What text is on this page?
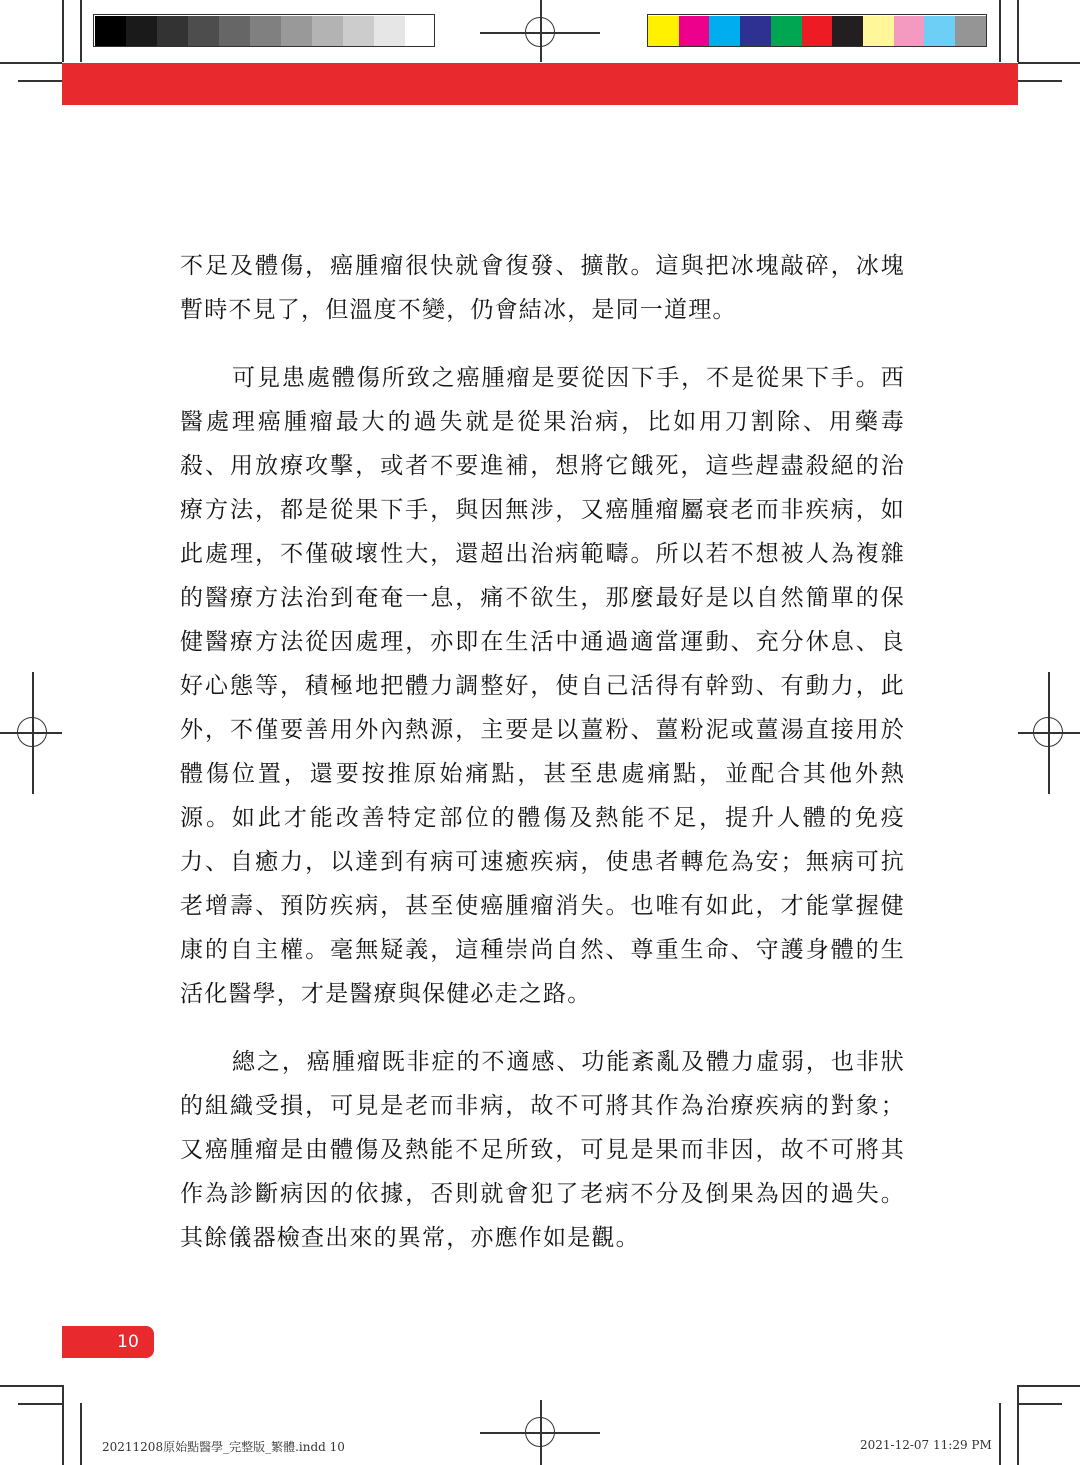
不足及體傷，癌腫瘤很快就會復發、擴散。這與把冰塊敲碎，冰塊暫時不見了，但溫度不變，仍會結冰，是同一道理。

可見患處體傷所致之癌腫瘤是要從因下手，不是從果下手。西醫處理癌腫瘤最大的過失就是從果治病，比如用刀割除、用藥毒殺、用放療攻擊，或者不要進補，想將它餓死，這些趕盡殺絕的治療方法，都是從果下手，與因無涉，又癌腫瘤屬衰老而非疾病，如此處理，不僅破壞性大，還超出治病範疇。所以若不想被人為複雜的醫療方法治到奄奄一息，痛不欲生，那麼最好是以自然簡單的保健醫療方法從因處理，亦即在生活中通過適當運動、充分休息、良好心態等，積極地把體力調整好，使自己活得有幹勁、有動力，此外，不僅要善用外內熱源，主要是以薑粉、薑粉泥或薑湯直接用於體傷位置，還要按推原始痛點，甚至患處痛點，並配合其他外熱源。如此才能改善特定部位的體傷及熱能不足，提升人體的免疫力、自癒力，以達到有病可速癒疾病，使患者轉危為安；無病可抗老增壽、預防疾病，甚至使癌腫瘤消失。也唯有如此，才能掌握健康的自主權。毫無疑義，這種崇尚自然、尊重生命、守護身體的生活化醫學，才是醫療與保健必走之路。

總之，癌腫瘤既非症的不適感、功能紊亂及體力虛弱，也非狀的組織受損，可見是老而非病，故不可將其作為治療疾病的對象；又癌腫瘤是由體傷及熱能不足所致，可見是果而非因，故不可將其作為診斷病因的依據，否則就會犯了老病不分及倒果為因的過失。其餘儀器檢查出來的異常，亦應作如是觀。

10
20211208原始點醫學_完整版_繁體.indd 10	2021-12-07 11:29 PM
